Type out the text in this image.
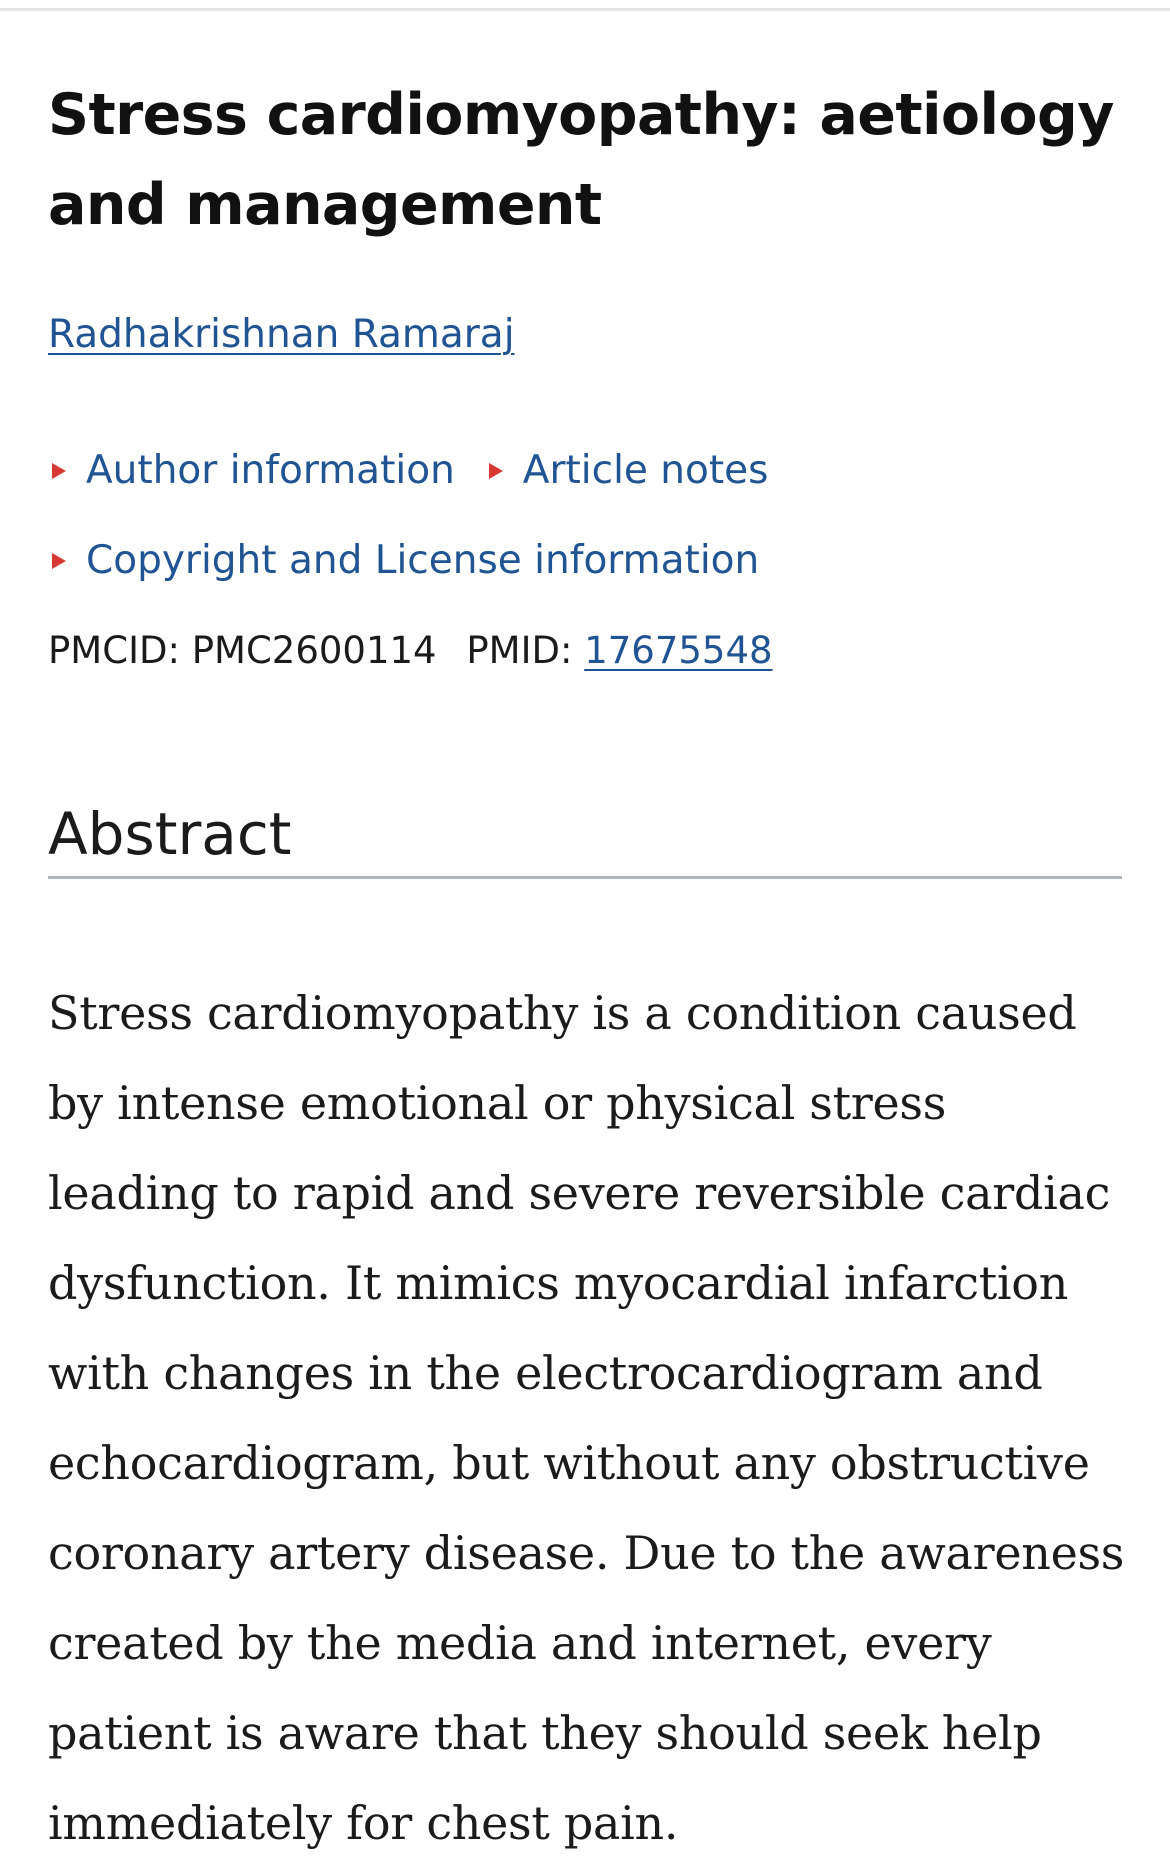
Stress cardiomyopathy: aetiology and management
Radhakrishnan Ramaraj
Author information Article notes
Copyright and License information
PMCID: PMC2600114 PMID: 17675548
Abstract

Stress cardiomyopathy is a condition caused by intense emotional or physical stress leading to rapid and severe reversible cardiac dysfunction. It mimics myocardial infarction with changes in the electrocardiogram and echocardiogram, but without any obstructive coronary artery disease. Due to the awareness created by the media and internet, every patient is aware that they should seek help immediately for chest pain.
